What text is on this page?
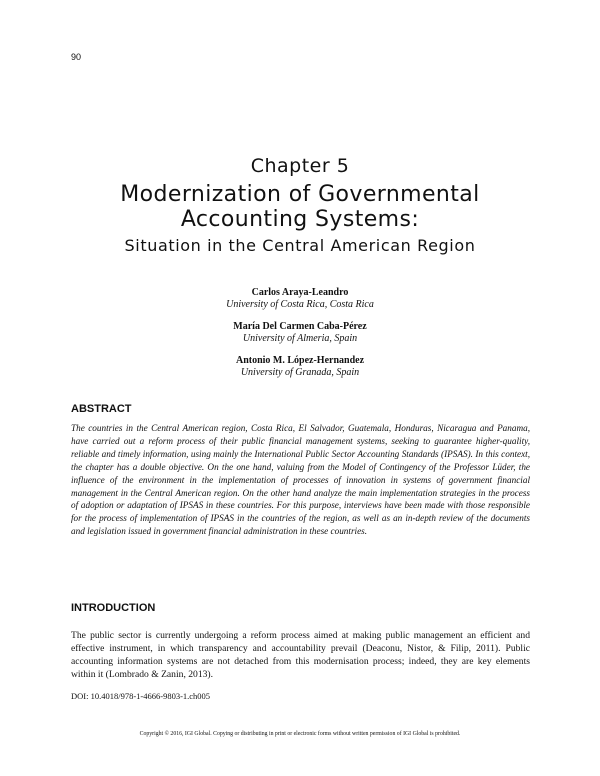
90
Chapter 5
Modernization of Governmental
Accounting Systems:
Situation in the Central American Region
Carlos Araya-Leandro
University of Costa Rica, Costa Rica
María Del Carmen Caba-Pérez
University of Almeria, Spain
Antonio M. López-Hernandez
University of Granada, Spain
ABSTRACT
The countries in the Central American region, Costa Rica, El Salvador, Guatemala, Honduras, Nicaragua and Panama, have carried out a reform process of their public financial management systems, seeking to guarantee higher-quality, reliable and timely information, using mainly the International Public Sector Accounting Standards (IPSAS). In this context, the chapter has a double objective. On the one hand, valuing from the Model of Contingency of the Professor Lüder, the influence of the environment in the implementation of processes of innovation in systems of government financial management in the Central American region. On the other hand analyze the main implementation strategies in the process of adoption or adaptation of IPSAS in these countries. For this purpose, interviews have been made with those responsible for the process of implementation of IPSAS in the countries of the region, as well as an in-depth review of the documents and legislation issued in government financial administration in these countries.
INTRODUCTION
The public sector is currently undergoing a reform process aimed at making public management an efficient and effective instrument, in which transparency and accountability prevail (Deaconu, Nistor, & Filip, 2011). Public accounting information systems are not detached from this modernisation process; indeed, they are key elements within it (Lombrado & Zanin, 2013).
DOI: 10.4018/978-1-4666-9803-1.ch005
Copyright © 2016, IGI Global. Copying or distributing in print or electronic forms without written permission of IGI Global is prohibited.
